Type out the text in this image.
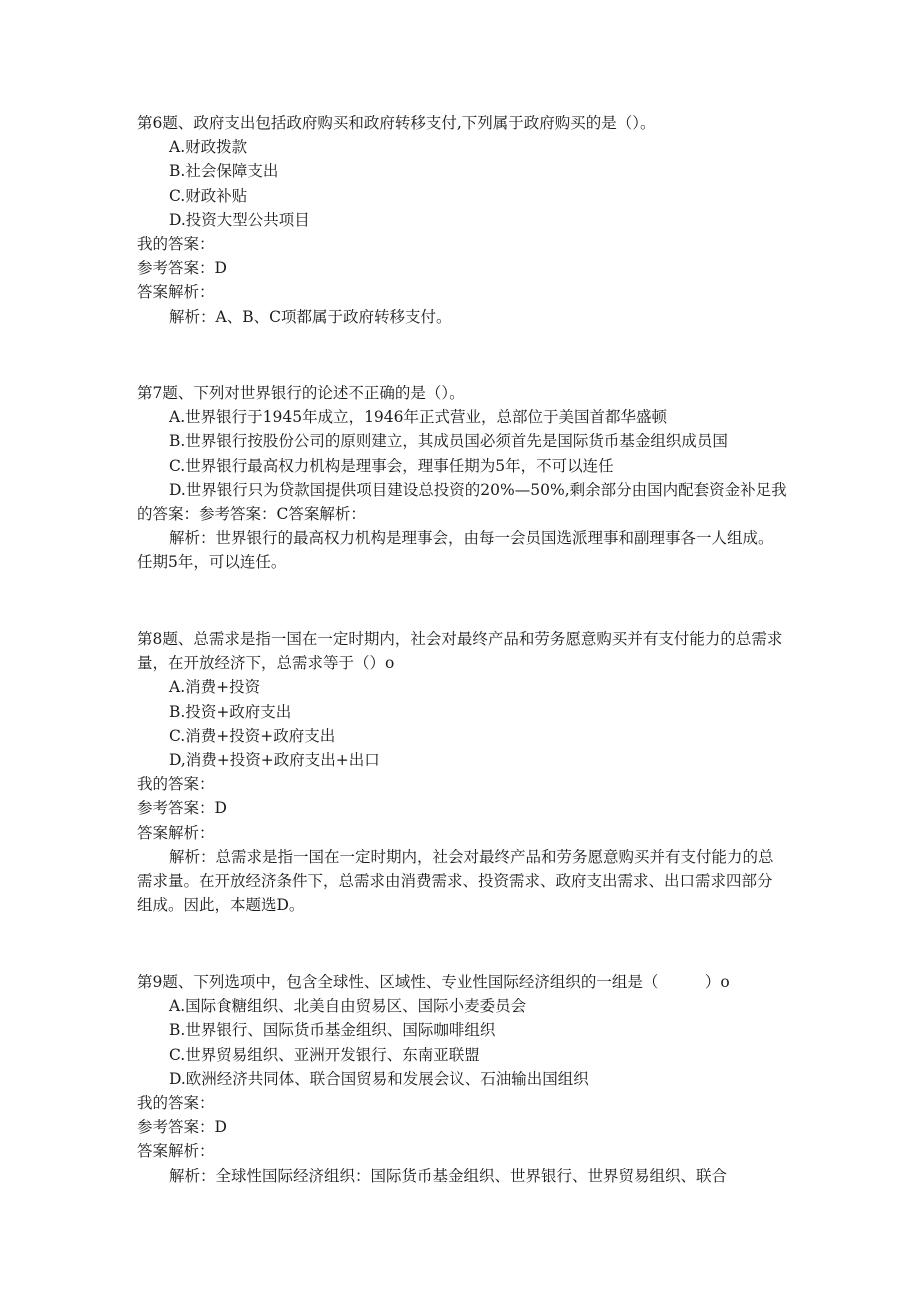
第6题、政府支出包括政府购买和政府转移支付,下列属于政府购买的是（）。
A.财政拨款
B.社会保障支出
C.财政补贴
D.投资大型公共项目
我的答案：
参考答案：D
答案解析：
解析：A、B、C项都属于政府转移支付。
第7题、下列对世界银行的论述不正确的是（）。
A.世界银行于1945年成立，1946年正式营业，总部位于美国首都华盛顿
B.世界银行按股份公司的原则建立，其成员国必须首先是国际货币基金组织成员国
C.世界银行最高权力机构是理事会，理事任期为5年，不可以连任
D.世界银行只为贷款国提供项目建设总投资的20%—50%,剩余部分由国内配套资金补足我的答案：参考答案：C答案解析：
解析：世界银行的最高权力机构是理事会，由每一会员国选派理事和副理事各一人组成。任期5年，可以连任。
第8题、总需求是指一国在一定时期内，社会对最终产品和劳务愿意购买并有支付能力的总需求量，在开放经济下，总需求等于（）o
A.消费+投资
B.投资+政府支出
C.消费+投资+政府支出
D,消费+投资+政府支出+出口
我的答案：
参考答案：D
答案解析：
解析：总需求是指一国在一定时期内，社会对最终产品和劳务愿意购买并有支付能力的总需求量。在开放经济条件下，总需求由消费需求、投资需求、政府支出需求、出口需求四部分组成。因此，本题选D。
第9题、下列选项中，包含全球性、区域性、专业性国际经济组织的一组是（　　　）o
A.国际食糖组织、北美自由贸易区、国际小麦委员会
B.世界银行、国际货币基金组织、国际咖啡组织
C.世界贸易组织、亚洲开发银行、东南亚联盟
D.欧洲经济共同体、联合国贸易和发展会议、石油输出国组织
我的答案：
参考答案：D
答案解析：
解析：全球性国际经济组织：国际货币基金组织、世界银行、世界贸易组织、联合
